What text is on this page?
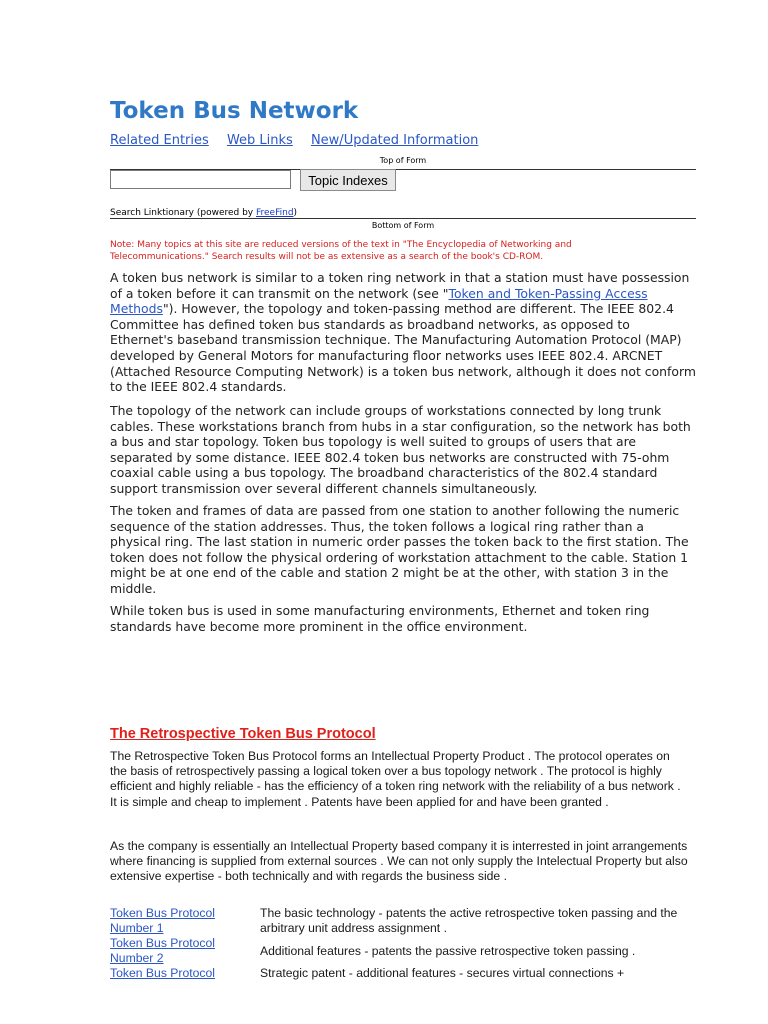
Token Bus Network
Related Entries Web Links New/Updated Information
Top of Form
Topic Indexes
Search Linktionary (powered by FreeFind)
Bottom of Form
Note: Many topics at this site are reduced versions of the text in "The Encyclopedia of Networking and Telecommunications." Search results will not be as extensive as a search of the book's CD-ROM.
A token bus network is similar to a token ring network in that a station must have possession of a token before it can transmit on the network (see "Token and Token-Passing Access Methods"). However, the topology and token-passing method are different. The IEEE 802.4 Committee has defined token bus standards as broadband networks, as opposed to Ethernet's baseband transmission technique. The Manufacturing Automation Protocol (MAP) developed by General Motors for manufacturing floor networks uses IEEE 802.4. ARCNET (Attached Resource Computing Network) is a token bus network, although it does not conform to the IEEE 802.4 standards.
The topology of the network can include groups of workstations connected by long trunk cables. These workstations branch from hubs in a star configuration, so the network has both a bus and star topology. Token bus topology is well suited to groups of users that are separated by some distance. IEEE 802.4 token bus networks are constructed with 75-ohm coaxial cable using a bus topology. The broadband characteristics of the 802.4 standard support transmission over several different channels simultaneously.
The token and frames of data are passed from one station to another following the numeric sequence of the station addresses. Thus, the token follows a logical ring rather than a physical ring. The last station in numeric order passes the token back to the first station. The token does not follow the physical ordering of workstation attachment to the cable. Station 1 might be at one end of the cable and station 2 might be at the other, with station 3 in the middle.
While token bus is used in some manufacturing environments, Ethernet and token ring standards have become more prominent in the office environment.
The Retrospective Token Bus Protocol
The Retrospective Token Bus Protocol forms an Intellectual Property Product . The protocol operates on the basis of retrospectively passing a logical token over a bus topology network . The protocol is highly efficient and highly reliable - has the efficiency of a token ring network with the reliability of a bus network . It is simple and cheap to implement . Patents have been applied for and have been granted .
As the company is essentially an Intellectual Property based company it is interrested in joint arrangements where financing is supplied from external sources . We can not only supply the Intelectual Property but also extensive expertise - both technically and with regards the business side .
Token Bus Protocol Number 1	The basic technology - patents the active retrospective token passing and the arbitrary unit address assignment .
Token Bus Protocol Number 2	Additional features - patents the passive retrospective token passing .
Token Bus Protocol	Strategic patent - additional features - secures virtual connections +
